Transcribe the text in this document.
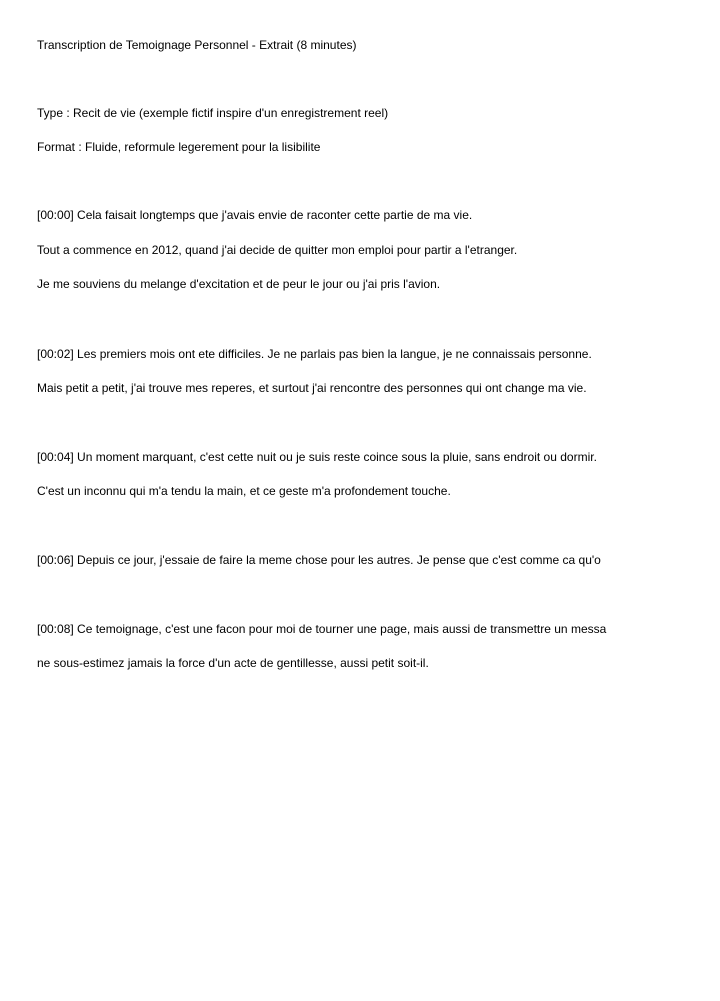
Transcription de Temoignage Personnel - Extrait (8 minutes)

Type : Recit de vie (exemple fictif inspire d'un enregistrement reel)

Format : Fluide, reformule legerement pour la lisibilite

[00:00] Cela faisait longtemps que j'avais envie de raconter cette partie de ma vie.

Tout a commence en 2012, quand j'ai decide de quitter mon emploi pour partir a l'etranger.

Je me souviens du melange d'excitation et de peur le jour ou j'ai pris l'avion.

[00:02] Les premiers mois ont ete difficiles. Je ne parlais pas bien la langue, je ne connaissais personne.

Mais petit a petit, j'ai trouve mes reperes, et surtout j'ai rencontre des personnes qui ont change ma vie.

[00:04] Un moment marquant, c'est cette nuit ou je suis reste coince sous la pluie, sans endroit ou dormir.

C'est un inconnu qui m'a tendu la main, et ce geste m'a profondement touche.

[00:06] Depuis ce jour, j'essaie de faire la meme chose pour les autres. Je pense que c'est comme ca qu'o

[00:08] Ce temoignage, c'est une facon pour moi de tourner une page, mais aussi de transmettre un messa

ne sous-estimez jamais la force d'un acte de gentillesse, aussi petit soit-il.
